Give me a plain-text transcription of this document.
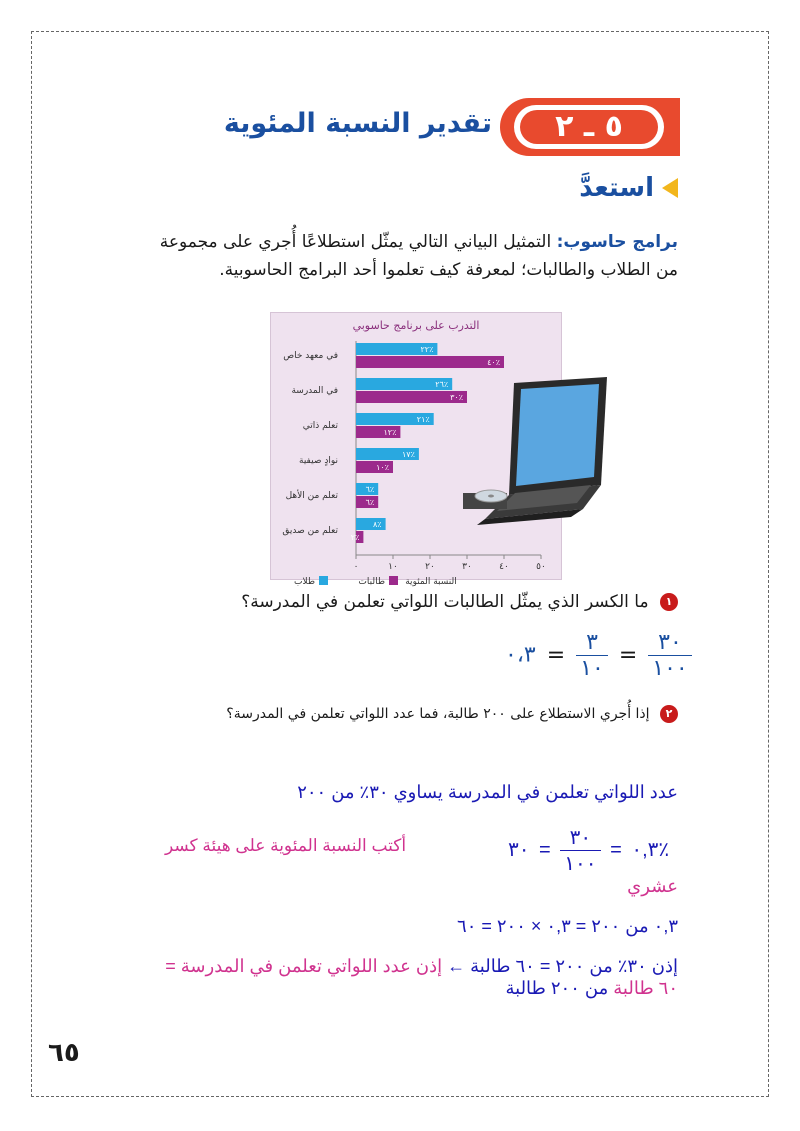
٥ ـ ٢
تقدير النسبة المئوية
استعدَّ
برامج حاسوب: التمثيل البياني التالي يمثّل استطلاعًا أُجري على مجموعة من الطلاب والطالبات؛ لمعرفة كيف تعلموا أحد البرامج الحاسوبية.
التدرب على برنامج حاسوبي
٠	١٠	٢٠	٣٠	٤٠	٥٠
٢٢٪
٤٠٪
٢٦٪
٣٠٪
٢١٪
١٢٪
١٧٪
١٠٪
٦٪
٦٪
٨٪
٢٪
في معهد خاص
في المدرسة
تعلم ذاتي
نوادٍ صيفية
تعلم من الأهل
تعلم من صديق
طلاب	طالبات النسبة المئوية
١ ما الكسر الذي يمثّل الطالبات اللواتي تعلمن في المدرسة؟
٠،٣ = $\frac{٣}{١٠} = \frac{٣٠}{١٠٠}$
٢ إذا أُجري الاستطلاع على ٢٠٠ طالبة، فما عدد اللواتي تعلمن في المدرسة؟
عدد اللواتي تعلمن في المدرسة يساوي ٣٠٪ من ٢٠٠
٠,٣ =
$\frac{٣٠}{١٠٠}$
= ٣٠٪
أكتب النسبة المئوية على هيئة كسر
عشري
٠,٣ من ٢٠٠ = ٠,٣ × ٢٠٠ = ٦٠
إذن ٣٠٪ من ٢٠٠ = ٦٠ طالبة ← إذن عدد اللواتي تعلمن في المدرسة =
٦٠ طالبة من ٢٠٠ طالبة
٦٥
